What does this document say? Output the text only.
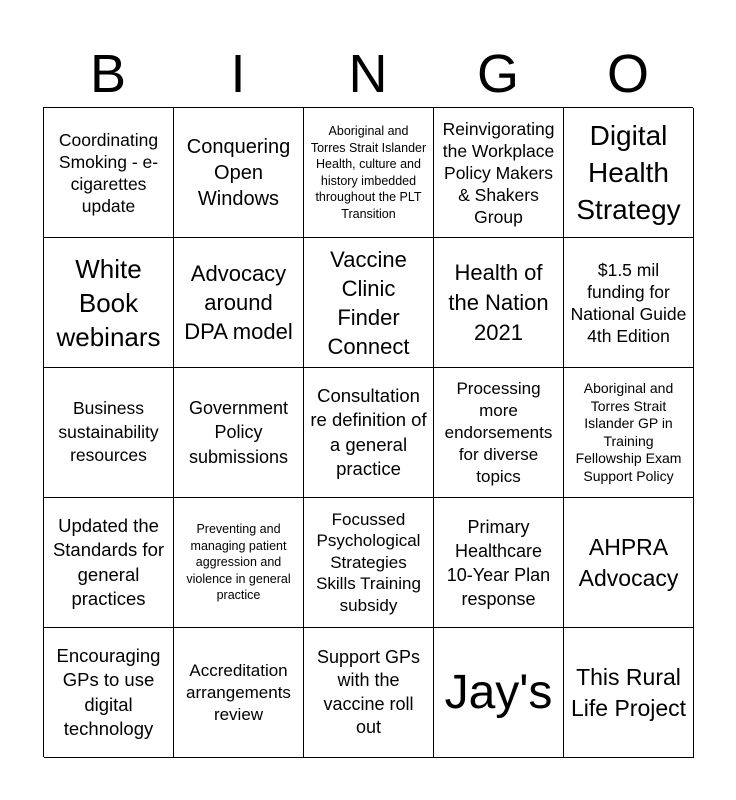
B	I	N	G	O
Coordinating Smoking - e-cigarettes update
Conquering Open Windows
Aboriginal and Torres Strait Islander Health, culture and history imbedded throughout the PLT Transition
Reinvigorating the Workplace Policy Makers & Shakers Group
Digital Health Strategy
White Book webinars
Advocacy around DPA model
Vaccine Clinic Finder Connect
Health of the Nation 2021
$1.5 mil funding for National Guide 4th Edition
Business sustainability resources
Government Policy submissions
Consultation re definition of a general practice
Processing more endorsements for diverse topics
Aboriginal and Torres Strait Islander GP in Training Fellowship Exam Support Policy
Updated the Standards for general practices
Preventing and managing patient aggression and violence in general practice
Focussed Psychological Strategies Skills Training subsidy
Primary Healthcare 10-Year Plan response
AHPRA Advocacy
Encouraging GPs to use digital technology
Accreditation arrangements review
Support GPs with the vaccine roll out
Jay's This Rural Life Project
